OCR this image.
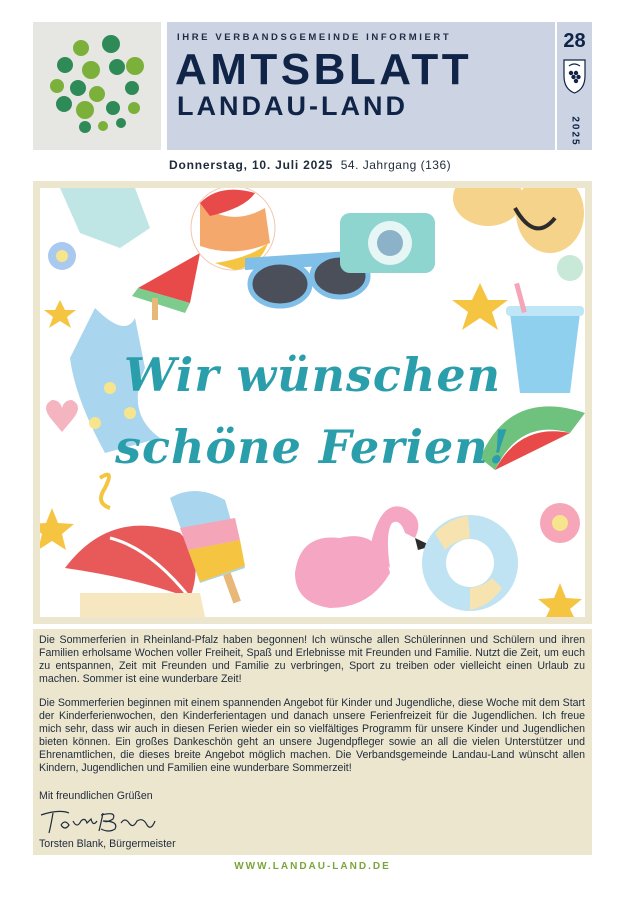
IHRE VERBANDSGEMEINDE INFORMIERT
AMTSBLATT
LANDAU-LAND
28
2025
Donnerstag, 10. Juli 2025 54. Jahrgang (136)
Wir wünschen
schöne Ferien!

Die Sommerferien in Rheinland-Pfalz haben begonnen! Ich wünsche allen Schülerinnen und Schülern und ihren Familien erholsame Wochen voller Freiheit, Spaß und Erlebnisse mit Freunden und Familie. Nutzt die Zeit, um euch zu entspannen, Zeit mit Freunden und Familie zu verbringen, Sport zu treiben oder vielleicht einen Urlaub zu machen. Sommer ist eine wunderbare Zeit!

Die Sommerferien beginnen mit einem spannenden Angebot für Kinder und Jugendliche, diese Woche mit dem Start der Kinderferienwochen, den Kinderferientagen und danach unsere Ferienfreizeit für die Jugendlichen. Ich freue mich sehr, dass wir auch in diesen Ferien wieder ein so vielfältiges Programm für unsere Kinder und Jugendlichen bieten können. Ein großes Dankeschön geht an unsere Jugendpfleger sowie an all die vielen Unterstützer und Ehrenamtlichen, die dieses breite Angebot möglich machen. Die Verbandsgemeinde Landau-Land wünscht allen Kindern, Jugendlichen und Familien eine wunderbare Sommerzeit!

Mit freundlichen Grüßen
Torsten Blank, Bürgermeister
WWW.LANDAU-LAND.DE
